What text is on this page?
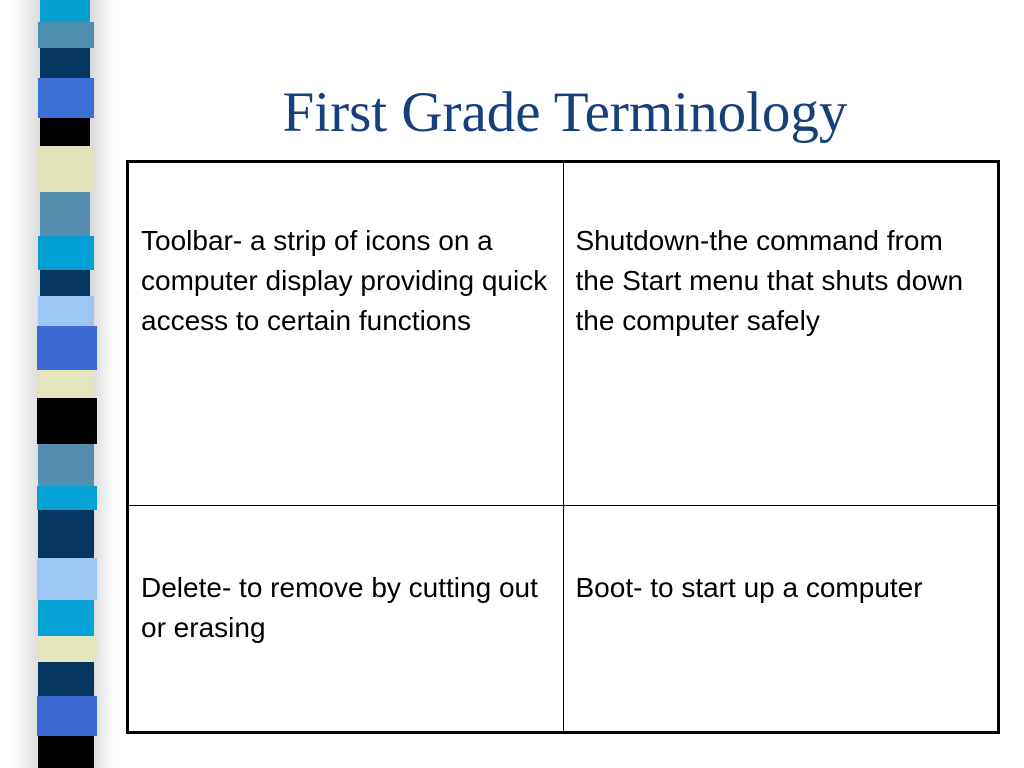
First Grade Terminology
Toolbar- a strip of icons on a computer display providing quick access to certain functions	Shutdown-the command from the Start menu that shuts down the computer safely
Delete- to remove by cutting out or erasing	Boot- to start up a computer
